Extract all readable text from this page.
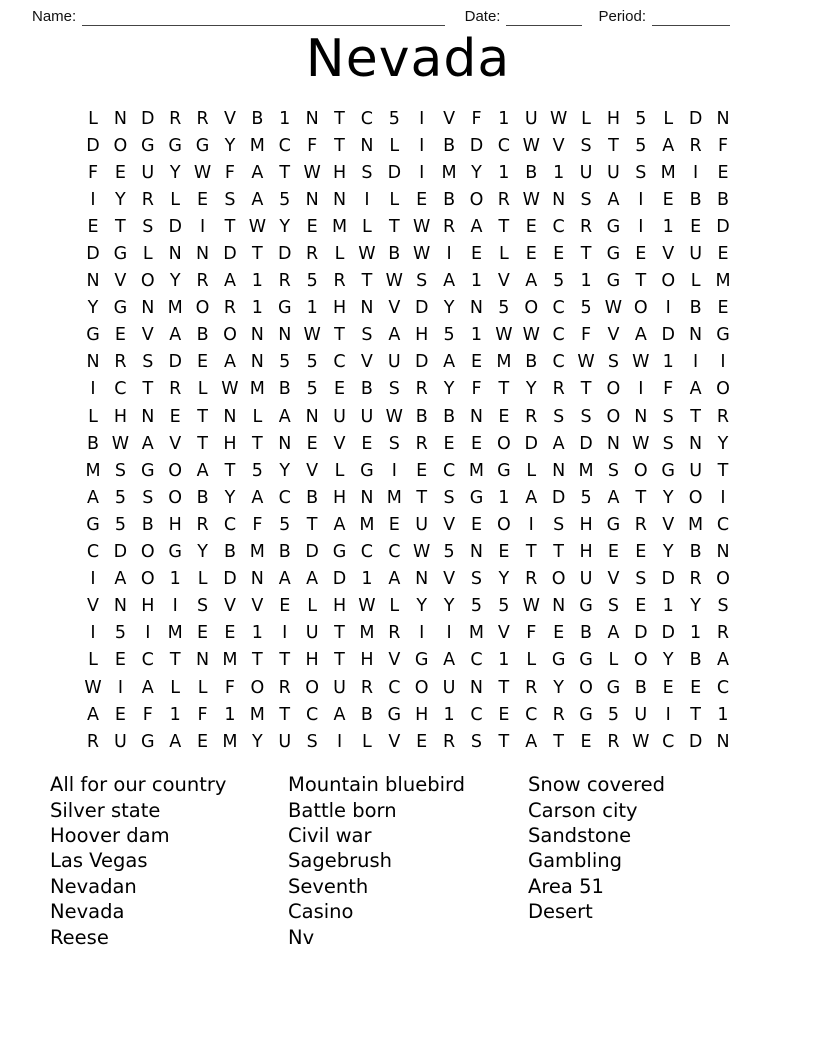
Name:	Date:	Period:
Nevada
L N D R R V B 1 N T C 5	I	V F 1 U W L H 5 L D N
D O G G G Y M C F T N L	I	B D C W V S T 5 A R F
F E U Y W F A T W H S D	I M Y 1 B 1 U U S M I	E
I	Y R L E S A 5 N N	I	L E B O R W N S A	I	E B B
E T S D	I	T W Y E M L T W R A T E C R G	I	1 E D
D G L N N D T D R L W B W I	E L E E T G E V U E
N V O Y R A 1 R 5 R T W S A 1 V A 5 1 G T O L M
Y G N M O R 1 G 1 H N V D Y N 5 O C 5 W O	I	B E
G E V A B O N N W T S A H 5 1 W W C F V A D N G
N R S D E A N 5 5 C V U D A E M B C W S W 1	I	I
I	C T R L W M B 5 E B S R Y F T Y R T O	I	F A O
L H N E T N L A N U U W B B N E R S S O N S T R
B W A V T H T N E V E S R E E O D A D N W S N Y
M S G O A T 5 Y V L G	I	E C M G L N M S O G U T
A 5 S O B Y A C B H N M T S G 1 A D 5 A T Y O	I
G 5 B H R C F 5 T A M E U V E O	I	S H G R V M C
C D O G Y B M B D G C C W 5 N E T T H E E Y B N
I	A O 1 L D N A A D 1 A N V S Y R O U V S D R O
V N H	I	S V V E L H W L Y Y 5 5 W N G S E 1 Y S
I	5	I M E E 1	I	U T M R	I	I M V F E B A D D 1 R
L E C T N M T T H T H V G A C 1 L G G L O Y B A
W I	A L	L F O R O U R C O U N T R Y O G B E E C
A E F 1 F 1 M T C A B G H 1 C E C R G 5 U	I	T 1
R U G A E M Y U S	I	L V E R S T A T E R W C D N
All for our country
Silver state
Hoover dam
Las Vegas
Nevadan
Nevada
Reese
Mountain bluebird
Battle born
Civil war
Sagebrush
Seventh
Casino
Nv
Snow covered
Carson city
Sandstone
Gambling
Area 51
Desert
